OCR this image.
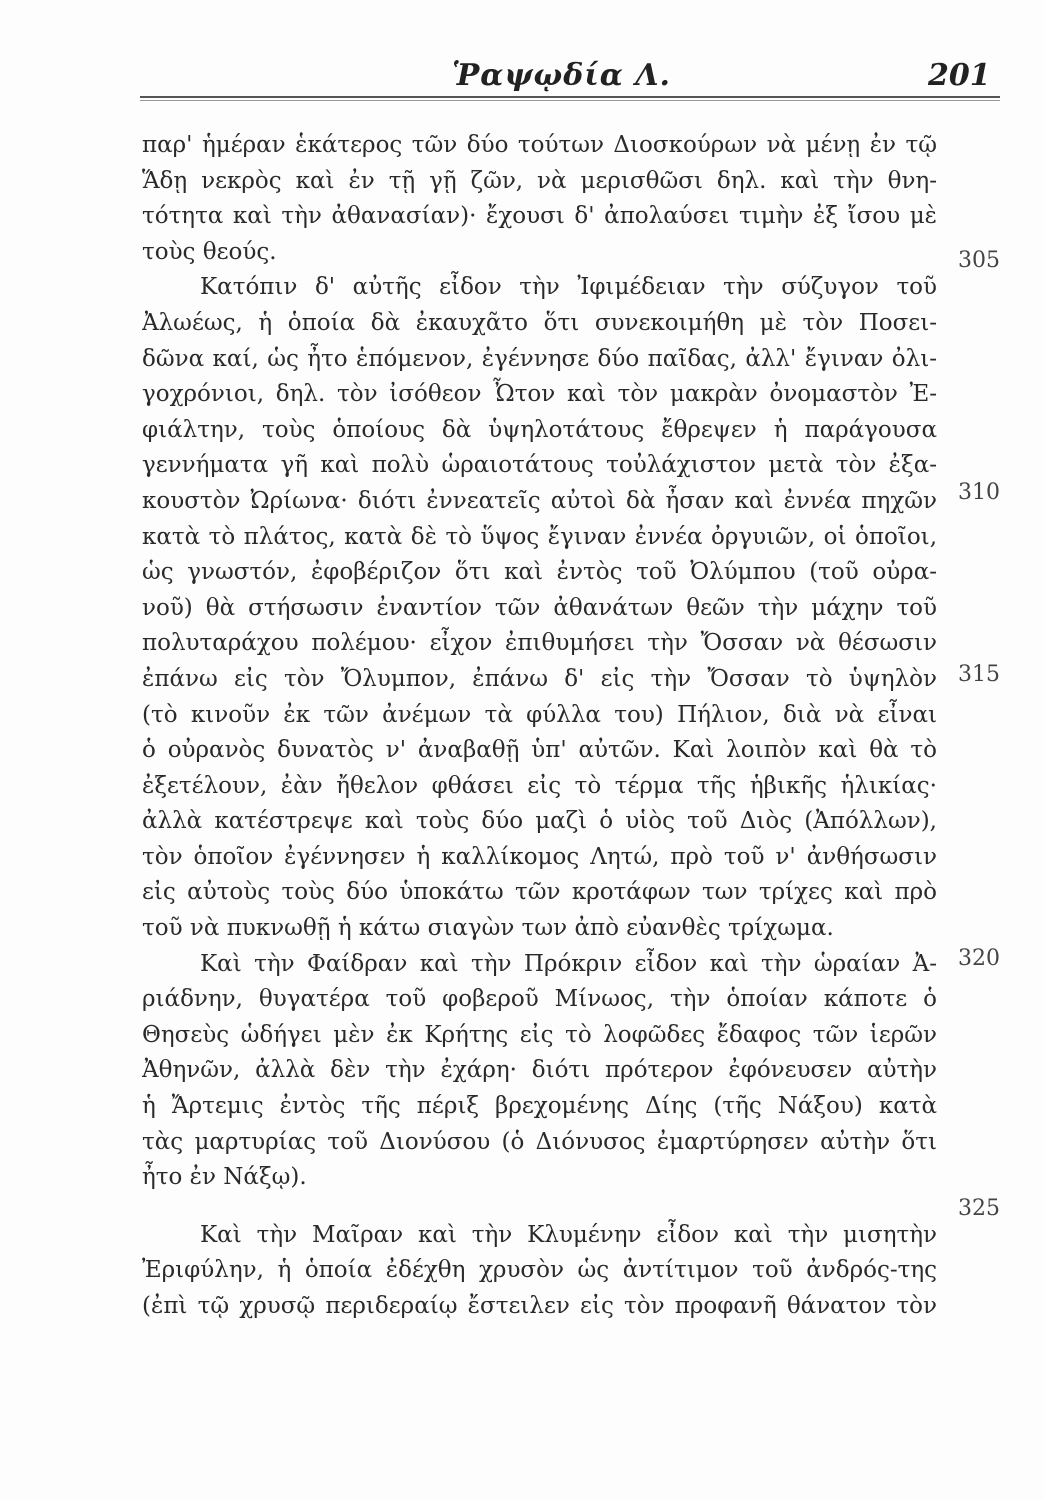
Ῥαψῳδία Λ.	201
παρ' ἡμέραν ἑκάτερος τῶν δύο τούτων Διοσκούρων νὰ μένῃ ἐν τῷ
Ἅδῃ νεκρὸς καὶ ἐν τῇ γῇ ζῶν, νὰ μερισθῶσι δηλ. καὶ τὴν θνη-
τότητα καὶ τὴν ἀθανασίαν)· ἔχουσι δ' ἀπολαύσει τιμὴν ἐξ ἴσου μὲ
τοὺς θεούς.
Κατόπιν δ' αὐτῆς εἶδον τὴν Ἰφιμέδειαν τὴν σύζυγον τοῦ
Ἀλωέως, ἡ ὁποία δὰ ἐκαυχᾶτο ὅτι συνεκοιμήθη μὲ τὸν Ποσει-
δῶνα καί, ὡς ἦτο ἑπόμενον, ἐγέννησε δύο παῖδας, ἀλλ' ἔγιναν ὀλι-
γοχρόνιοι, δηλ. τὸν ἰσόθεον Ὦτον καὶ τὸν μακρὰν ὀνομαστὸν Ἐ-
φιάλτην, τοὺς ὁποίους δὰ ὑψηλοτάτους ἔθρεψεν ἡ παράγουσα
γεννήματα γῆ καὶ πολὺ ὡραιοτάτους τοὐλάχιστον μετὰ τὸν ἐξα-
κουστὸν Ὠρίωνα· διότι ἐννεατεῖς αὐτοὶ δὰ ἦσαν καὶ ἐννέα πηχῶν
κατὰ τὸ πλάτος, κατὰ δὲ τὸ ὕψος ἔγιναν ἐννέα ὀργυιῶν, οἱ ὁποῖοι,
ὡς γνωστόν, ἐφοβέριζον ὅτι καὶ ἐντὸς τοῦ Ὀλύμπου (τοῦ οὐρα-
νοῦ) θὰ στήσωσιν ἐναντίον τῶν ἀθανάτων θεῶν τὴν μάχην τοῦ
πολυταράχου πολέμου· εἶχον ἐπιθυμήσει τὴν Ὄσσαν νὰ θέσωσιν
ἐπάνω εἰς τὸν Ὄλυμπον, ἐπάνω δ' εἰς τὴν Ὄσσαν τὸ ὑψηλὸν
(τὸ κινοῦν ἐκ τῶν ἀνέμων τὰ φύλλα του) Πήλιον, διὰ νὰ εἶναι
ὁ οὐρανὸς δυνατὸς ν' ἀναβαθῇ ὑπ' αὐτῶν. Καὶ λοιπὸν καὶ θὰ τὸ
ἐξετέλουν, ἐὰν ἤθελον φθάσει εἰς τὸ τέρμα τῆς ἡβικῆς ἡλικίας·
ἀλλὰ κατέστρεψε καὶ τοὺς δύο μαζὶ ὁ υἱὸς τοῦ Διὸς (Ἀπόλλων),
τὸν ὁποῖον ἐγέννησεν ἡ καλλίκομος Λητώ, πρὸ τοῦ ν' ἀνθήσωσιν
εἰς αὐτοὺς τοὺς δύο ὑποκάτω τῶν κροτάφων των τρίχες καὶ πρὸ
τοῦ νὰ πυκνωθῇ ἡ κάτω σιαγὼν των ἀπὸ εὐανθὲς τρίχωμα.
Καὶ τὴν Φαίδραν καὶ τὴν Πρόκριν εἶδον καὶ τὴν ὡραίαν Ἀ-
ριάδνην, θυγατέρα τοῦ φοβεροῦ Μίνωος, τὴν ὁποίαν κάποτε ὁ
Θησεὺς ὡδήγει μὲν ἐκ Κρήτης εἰς τὸ λοφῶδες ἔδαφος τῶν ἱερῶν
Ἀθηνῶν, ἀλλὰ δὲν τὴν ἐχάρη· διότι πρότερον ἐφόνευσεν αὐτὴν
ἡ Ἄρτεμις ἐντὸς τῆς πέριξ βρεχομένης Δίης (τῆς Νάξου) κατὰ
τὰς μαρτυρίας τοῦ Διονύσου (ὁ Διόνυσος ἐμαρτύρησεν αὐτὴν ὅτι
ἦτο ἐν Νάξῳ).
Καὶ τὴν Μαῖραν καὶ τὴν Κλυμένην εἶδον καὶ τὴν μισητὴν
Ἐριφύλην, ἡ ὁποία ἐδέχθη χρυσὸν ὡς ἀντίτιμον τοῦ ἀνδρός-της
(ἐπὶ τῷ χρυσῷ περιδεραίῳ ἔστειλεν εἰς τὸν προφανῆ θάνατον τὸν
305
310
315
320
325
